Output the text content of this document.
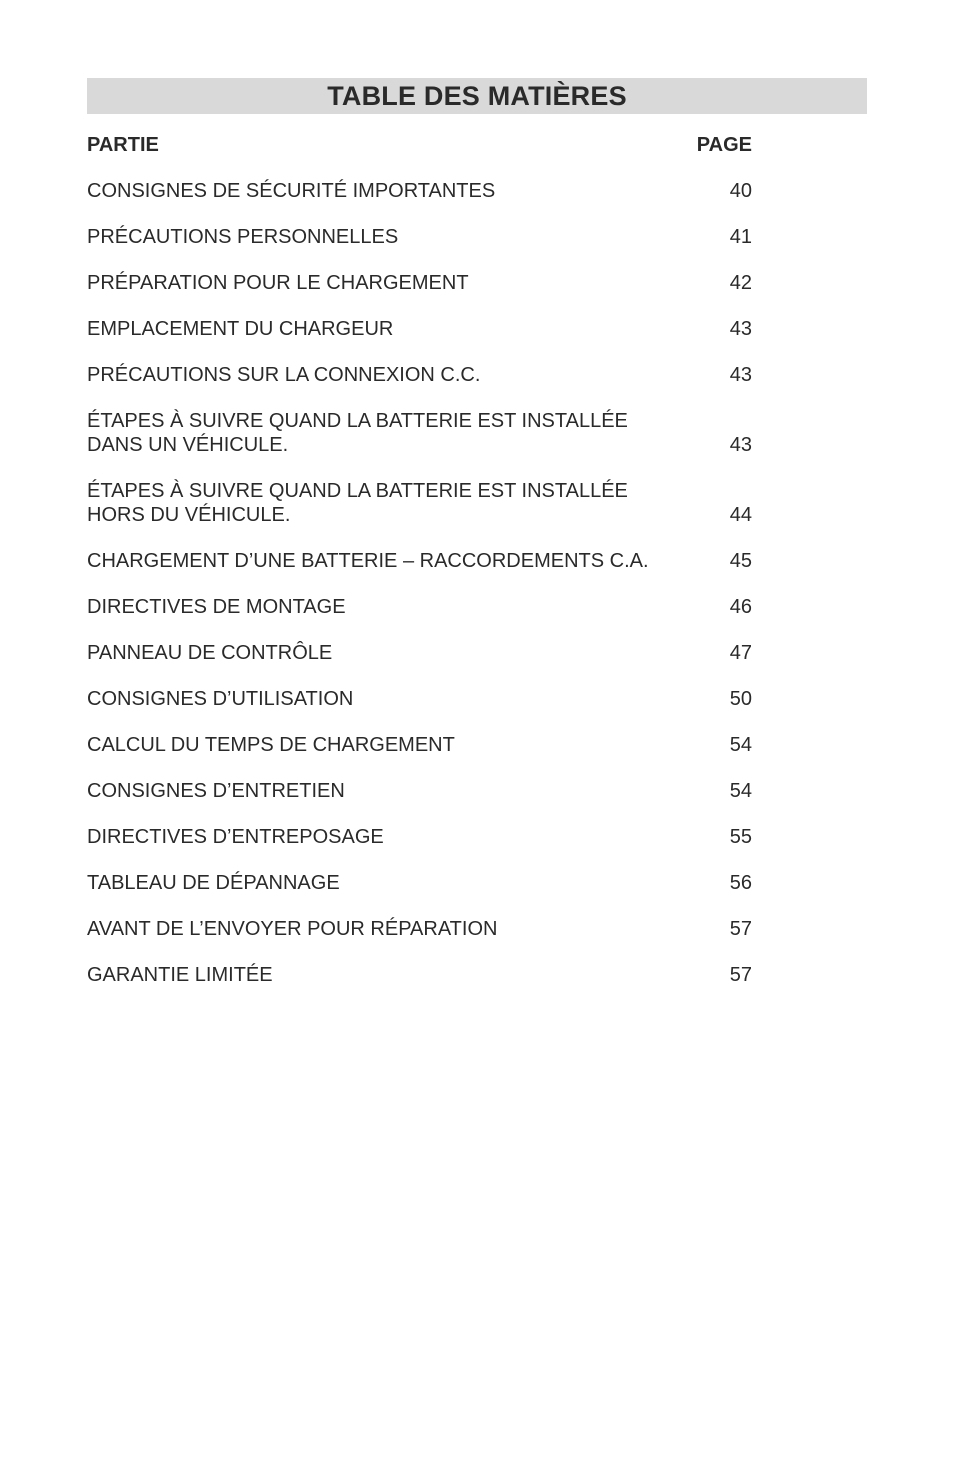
TABLE DES MATIÈRES
PARTIE	PAGE
CONSIGNES DE SÉCURITÉ IMPORTANTES	40
PRÉCAUTIONS PERSONNELLES	41
PRÉPARATION POUR LE CHARGEMENT	42
EMPLACEMENT DU CHARGEUR	43
PRÉCAUTIONS SUR LA CONNEXION C.C.	43
ÉTAPES À SUIVRE QUAND LA BATTERIE EST INSTALLÉE
DANS UN VÉHICULE.	43
ÉTAPES À SUIVRE QUAND LA BATTERIE EST INSTALLÉE
HORS DU VÉHICULE.	44
CHARGEMENT D’UNE BATTERIE – RACCORDEMENTS C.A.	45
DIRECTIVES DE MONTAGE	46
PANNEAU DE CONTRÔLE	47
CONSIGNES D’UTILISATION	50
CALCUL DU TEMPS DE CHARGEMENT	54
CONSIGNES D’ENTRETIEN	54
DIRECTIVES D’ENTREPOSAGE	55
TABLEAU DE DÉPANNAGE	56
AVANT DE L’ENVOYER POUR RÉPARATION	57
GARANTIE LIMITÉE	57
